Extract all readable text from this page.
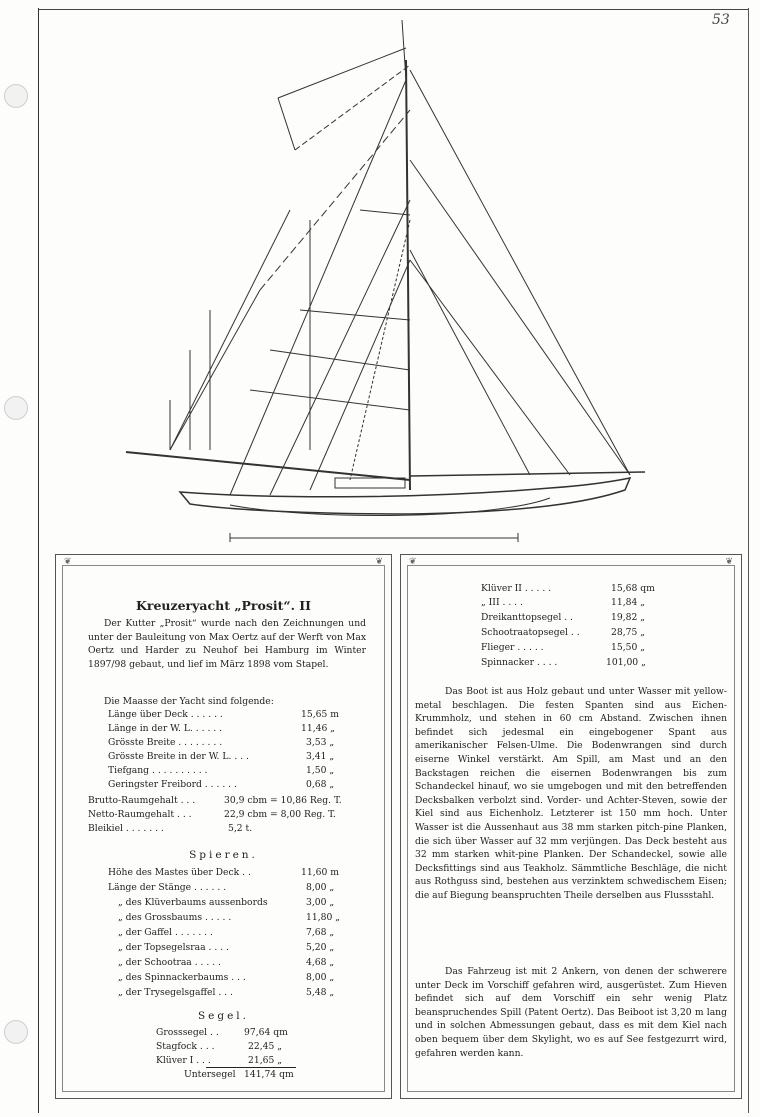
53
❦	❦
Kreuzeryacht „Prosit“. II
Der Kutter „Prosit“ wurde nach den Zeichnungen und unter der Bauleitung von Max Oertz auf der Werft von Max Oertz und Harder zu Neuhof bei Hamburg im Winter 1897/98 gebaut, und lief im März 1898 vom Stapel.
Die Maasse der Yacht sind folgende:
Länge über Deck . . . . . .	15,65 m
Länge in der W. L. . . . . .	11,46 „
Grösste Breite . . . . . . . .	3,53 „
Grösste Breite in der W. L. . . .	3,41 „
Tiefgang . . . . . . . . . .	1,50 „
Geringster Freibord . . . . . .	0,68 „
Brutto-Raumgehalt . . .	30,9 cbm = 10,86 Reg. T.
Netto-Raumgehalt . . .	22,9 cbm = 8,00 Reg. T.
Bleikiel . . . . . . .	5,2 t.
Spieren.
Höhe des Mastes über Deck . .	11,60 m
Länge der Stänge . . . . . .	8,00 „
„ des Klüverbaums aussenbords	3,00 „
„ des Grossbaums . . . . .	11,80 „
„ der Gaffel . . . . . . .	7,68 „
„ der Topsegelsraa . . . .	5,20 „
„ der Schootraa . . . . .	4,68 „
„ des Spinnackerbaums . . .	8,00 „
„ der Trysegelsgaffel . . .	5,48 „
Segel.
Grosssegel . .	97,64 qm
Stagfock . . .	22,45 „
Klüver I . . .	21,65 „
Untersegel 141,74 qm
❦	❦
Klüver II . . . . .	15,68 qm
„ III . . . .	11,84 „
Dreikanttopsegel . .	19,82 „
Schootraatopsegel . .	28,75 „
Flieger . . . . .	15,50 „
Spinnacker . . . .	101,00 „
Das Boot ist aus Holz gebaut und unter Wasser mit yellow-metal beschlagen. Die festen Spanten sind aus Eichen-Krummholz, und stehen in 60 cm Abstand. Zwischen ihnen befindet sich jedesmal ein eingebogener Spant aus amerikanischer Felsen-Ulme. Die Bodenwrangen sind durch eiserne Winkel verstärkt. Am Spill, am Mast und an den Backstagen reichen die eisernen Bodenwrangen bis zum Schandeckel hinauf, wo sie umgebogen und mit den betreffenden Decksbalken verbolzt sind. Vorder- und Achter-Steven, sowie der Kiel sind aus Eichenholz. Letzterer ist 150 mm hoch. Unter Wasser ist die Aussenhaut aus 38 mm starken pitch-pine Planken, die sich über Wasser auf 32 mm verjüngen. Das Deck besteht aus 32 mm starken whit-pine Planken. Der Schandeckel, sowie alle Decksfittings sind aus Teakholz. Sämmtliche Beschläge, die nicht aus Rothguss sind, bestehen aus verzinktem schwedischem Eisen; die auf Biegung beanspruchten Theile derselben aus Flussstahl.
Das Fahrzeug ist mit 2 Ankern, von denen der schwerere unter Deck im Vorschiff gefahren wird, ausgerüstet. Zum Hieven befindet sich auf dem Vorschiff ein sehr wenig Platz beanspruchendes Spill (Patent Oertz). Das Beiboot ist 3,20 m lang und in solchen Abmessungen gebaut, dass es mit dem Kiel nach oben bequem über dem Skylight, wo es auf See festgezurrt wird, gefahren werden kann.
